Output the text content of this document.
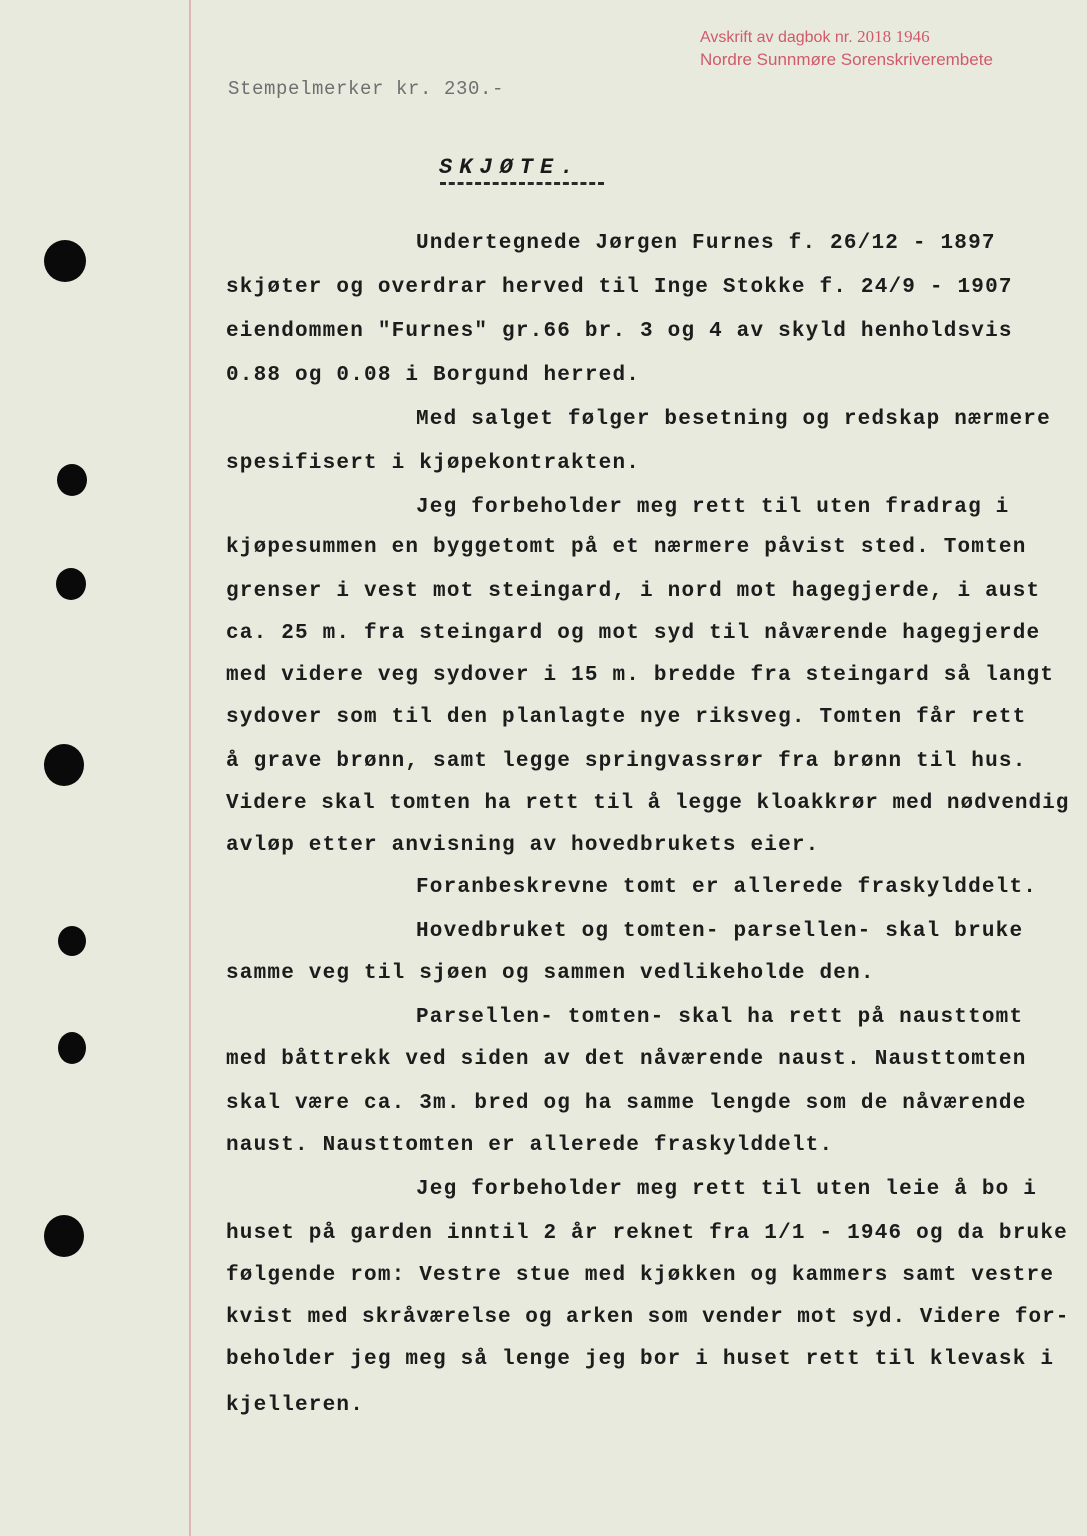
Avskrift av dagbok nr. 2018 1946
Nordre Sunnmøre Sorenskriverembete
Stempelmerker kr. 230.-
SKJØTE.
Undertegnede Jørgen Furnes f. 26/12 - 1897
skjøter og overdrar herved til Inge Stokke f. 24/9 - 1907
eiendommen "Furnes" gr.66 br. 3 og 4 av skyld henholdsvis
0.88 og 0.08 i Borgund herred.
Med salget følger besetning og redskap nærmere
spesifisert i kjøpekontrakten.
Jeg forbeholder meg rett til uten fradrag i
kjøpesummen en byggetomt på et nærmere påvist sted. Tomten
grenser i vest mot steingard, i nord mot hagegjerde, i aust
ca. 25 m. fra steingard og mot syd til nåværende hagegjerde
med videre veg sydover i 15 m. bredde fra steingard så langt
sydover som til den planlagte nye riksveg. Tomten får rett
å grave brønn, samt legge springvassrør fra brønn til hus.
Videre skal tomten ha rett til å legge kloakkrør med nødvendig
avløp etter anvisning av hovedbrukets eier.
Foranbeskrevne tomt er allerede fraskylddelt.
Hovedbruket og tomten- parsellen- skal bruke
samme veg til sjøen og sammen vedlikeholde den.
Parsellen- tomten- skal ha rett på nausttomt
med båttrekk ved siden av det nåværende naust. Nausttomten
skal være ca. 3m. bred og ha samme lengde som de nåværende
naust. Nausttomten er allerede fraskylddelt.
Jeg forbeholder meg rett til uten leie å bo i
huset på garden inntil 2 år reknet fra 1/1 - 1946 og da bruke
følgende rom: Vestre stue med kjøkken og kammers samt vestre
kvist med skråværelse og arken som vender mot syd. Videre for-
beholder jeg meg så lenge jeg bor i huset rett til klevask i
kjelleren.
